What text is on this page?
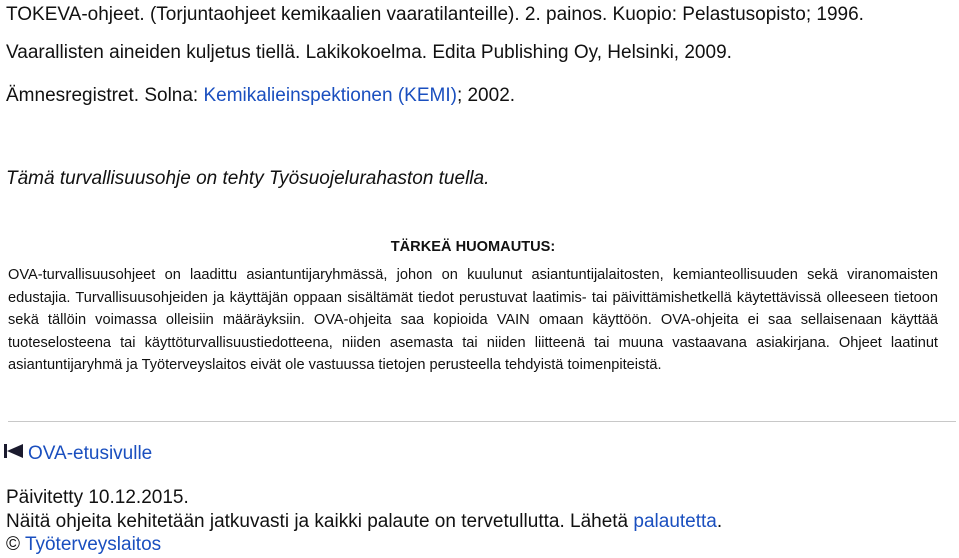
TOKEVA-ohjeet. (Torjuntaohjeet kemikaalien vaaratilanteille). 2. painos. Kuopio: Pelastusopisto; 1996.
Vaarallisten aineiden kuljetus tiellä. Lakikokoelma. Edita Publishing Oy, Helsinki, 2009.
Ämnesregistret. Solna: Kemikalieinspektionen (KEMI); 2002.
Tämä turvallisuusohje on tehty Työsuojelurahaston tuella.
TÄRKEÄ HUOMAUTUS:
OVA-turvallisuusohjeet on laadittu asiantuntijaryhmässä, johon on kuulunut asiantuntijalaitosten, kemianteollisuuden sekä viranomaisten edustajia. Turvallisuusohjeiden ja käyttäjän oppaan sisältämät tiedot perustuvat laatimis- tai päivittämishetkellä käytettävissä olleeseen tietoon sekä tällöin voimassa olleisiin määräyksiin. OVA-ohjeita saa kopioida VAIN omaan käyttöön. OVA-ohjeita ei saa sellaisenaan käyttää tuoteselosteena tai käyttöturvallisuustiedotteena, niiden asemasta tai niiden liitteenä tai muuna vastaavana asiakirjana. Ohjeet laatinut asiantuntijaryhmä ja Työterveyslaitos eivät ole vastuussa tietojen perusteella tehdyistä toimenpiteistä.
OVA-etusivulle
Päivitetty 10.12.2015.
Näitä ohjeita kehitetään jatkuvasti ja kaikki palaute on tervetullutta. Lähetä palautetta.
© Työterveyslaitos
